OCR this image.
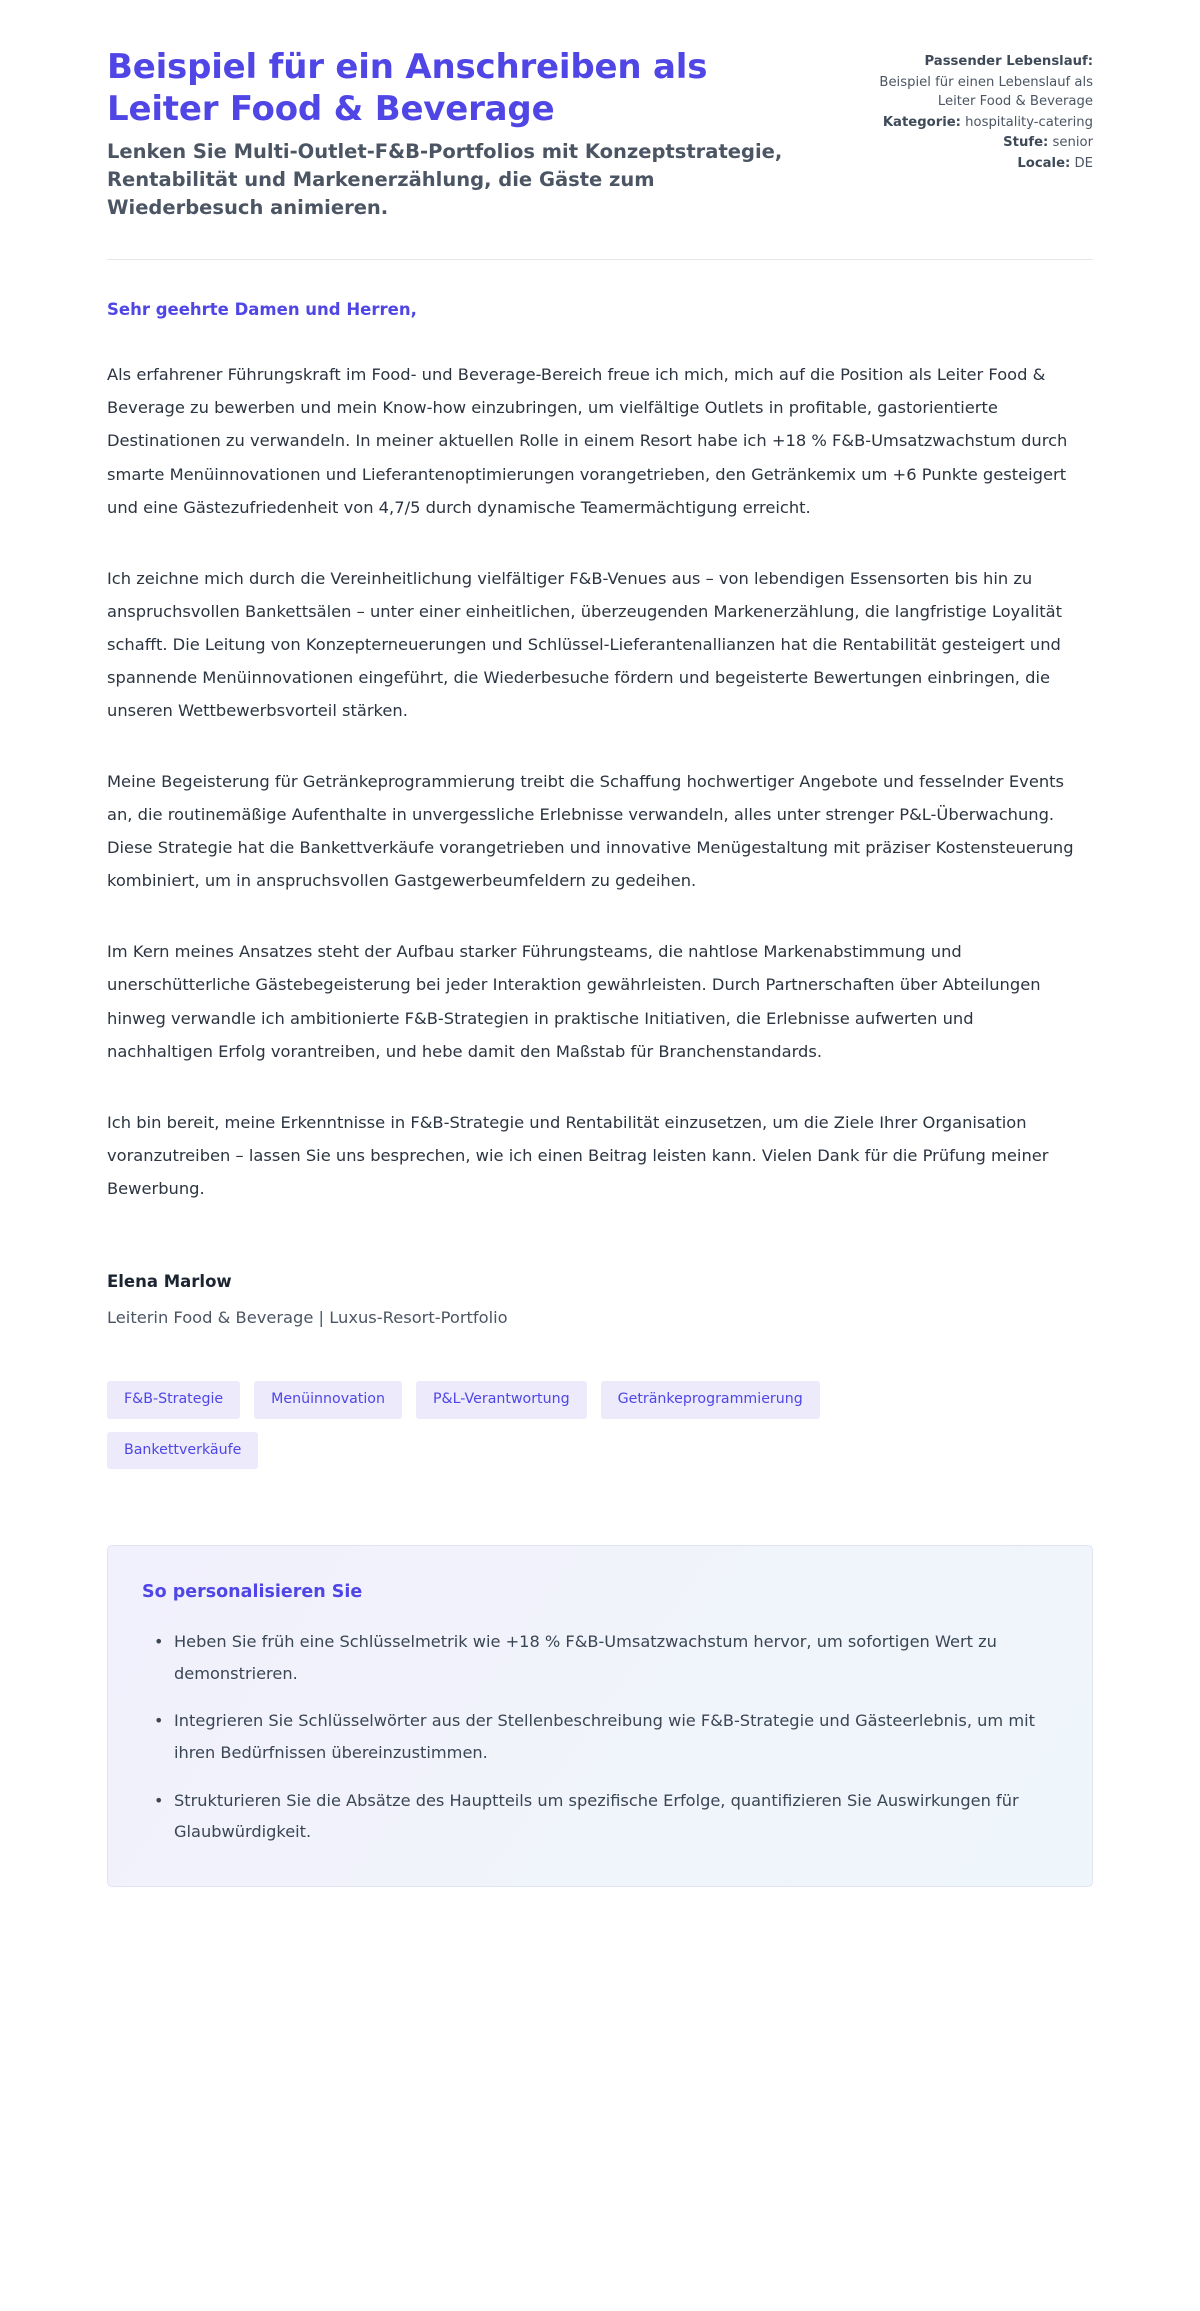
Beispiel für ein Anschreiben als Leiter Food & Beverage

Lenken Sie Multi-Outlet-F&B-Portfolios mit Konzeptstrategie, Rentabilität und Markenerzählung, die Gäste zum Wiederbesuch animieren.

Passender Lebenslauf:

Beispiel für einen Lebenslauf als Leiter Food & Beverage

Kategorie: hospitality-catering

Stufe: senior

Locale: DE

Sehr geehrte Damen und Herren,

Als erfahrener Führungskraft im Food- und Beverage-Bereich freue ich mich, mich auf die Position als Leiter Food & Beverage zu bewerben und mein Know-how einzubringen, um vielfältige Outlets in profitable, gastorientierte Destinationen zu verwandeln. In meiner aktuellen Rolle in einem Resort habe ich +18 % F&B-Umsatzwachstum durch smarte Menüinnovationen und Lieferantenoptimierungen vorangetrieben, den Getränkemix um +6 Punkte gesteigert und eine Gästezufriedenheit von 4,7/5 durch dynamische Teamermächtigung erreicht.

Ich zeichne mich durch die Vereinheitlichung vielfältiger F&B-Venues aus – von lebendigen Essensorten bis hin zu anspruchsvollen Bankettsälen – unter einer einheitlichen, überzeugenden Markenerzählung, die langfristige Loyalität schafft. Die Leitung von Konzepterneuerungen und Schlüssel-Lieferantenallianzen hat die Rentabilität gesteigert und spannende Menüinnovationen eingeführt, die Wiederbesuche fördern und begeisterte Bewertungen einbringen, die unseren Wettbewerbsvorteil stärken.

Meine Begeisterung für Getränkeprogrammierung treibt die Schaffung hochwertiger Angebote und fesselnder Events an, die routinemäßige Aufenthalte in unvergessliche Erlebnisse verwandeln, alles unter strenger P&L-Überwachung. Diese Strategie hat die Bankettverkäufe vorangetrieben und innovative Menügestaltung mit präziser Kostensteuerung kombiniert, um in anspruchsvollen Gastgewerbeumfeldern zu gedeihen.

Im Kern meines Ansatzes steht der Aufbau starker Führungsteams, die nahtlose Markenabstimmung und unerschütterliche Gästebegeisterung bei jeder Interaktion gewährleisten. Durch Partnerschaften über Abteilungen hinweg verwandle ich ambitionierte F&B-Strategien in praktische Initiativen, die Erlebnisse aufwerten und nachhaltigen Erfolg vorantreiben, und hebe damit den Maßstab für Branchenstandards.

Ich bin bereit, meine Erkenntnisse in F&B-Strategie und Rentabilität einzusetzen, um die Ziele Ihrer Organisation voranzutreiben – lassen Sie uns besprechen, wie ich einen Beitrag leisten kann. Vielen Dank für die Prüfung meiner Bewerbung.

Elena Marlow

Leiterin Food & Beverage | Luxus-Resort-Portfolio

F&B-Strategie	Menüinnovation	P&L-Verantwortung	Getränkeprogrammierung
Bankettverkäufe

So personalisieren Sie

• Heben Sie früh eine Schlüsselmetrik wie +18 % F&B-Umsatzwachstum hervor, um sofortigen Wert zu demonstrieren.
• Integrieren Sie Schlüsselwörter aus der Stellenbeschreibung wie F&B-Strategie und Gästeerlebnis, um mit ihren Bedürfnissen übereinzustimmen.
• Strukturieren Sie die Absätze des Hauptteils um spezifische Erfolge, quantifizieren Sie Auswirkungen für Glaubwürdigkeit.
